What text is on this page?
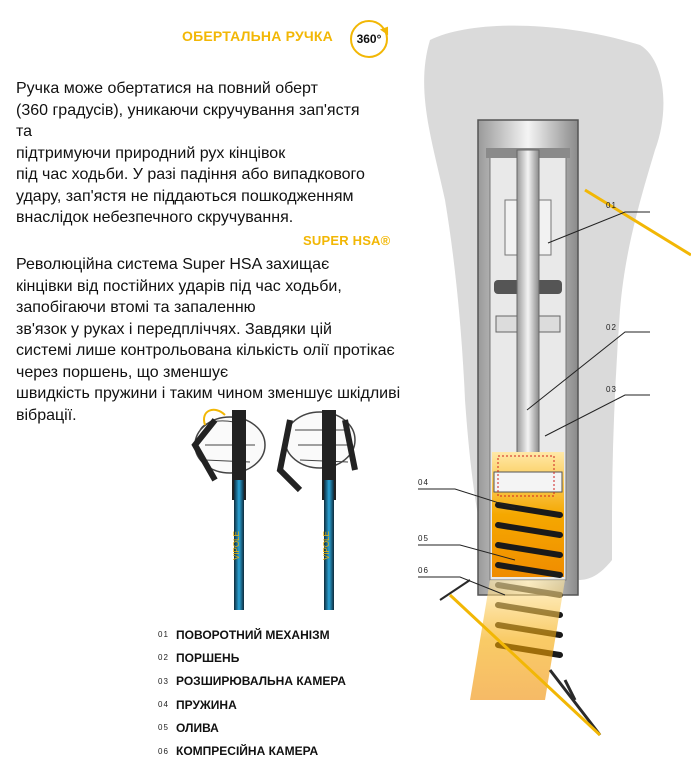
ОБЕРТАЛЬНА РУЧКА 360°

Ручка може обертатися на повний оберт
(360 градусів), уникаючи скручування зап'ястя
та
підтримуючи природний рух кінцівок
під час ходьби. У разі падіння або випадкового
удару, зап'ястя не піддаються пошкодженням
внаслідок небезпечного скручування.

SUPER HSA®

Революційна система Super HSA захищає
кінцівки від постійних ударів під час ходьби,
запобігаючи втомі та запаленню
зв'язок у руках і передпліччях. Завдяки цій
системі лише контрольована кількість олії протікає
через поршень, що зменшує
швидкість пружини і таким чином зменшує шкідливі
вібрації.

01
02
03
04
05
06
VIPOLE	VIPOLE
01 ПОВОРОТНИЙ МЕХАНІЗМ
02 ПОРШЕНЬ
03 РОЗШИРЮВАЛЬНА КАМЕРА
04 ПРУЖИНА
05 ОЛИВА
06 КОМПРЕСІЙНА КАМЕРА
